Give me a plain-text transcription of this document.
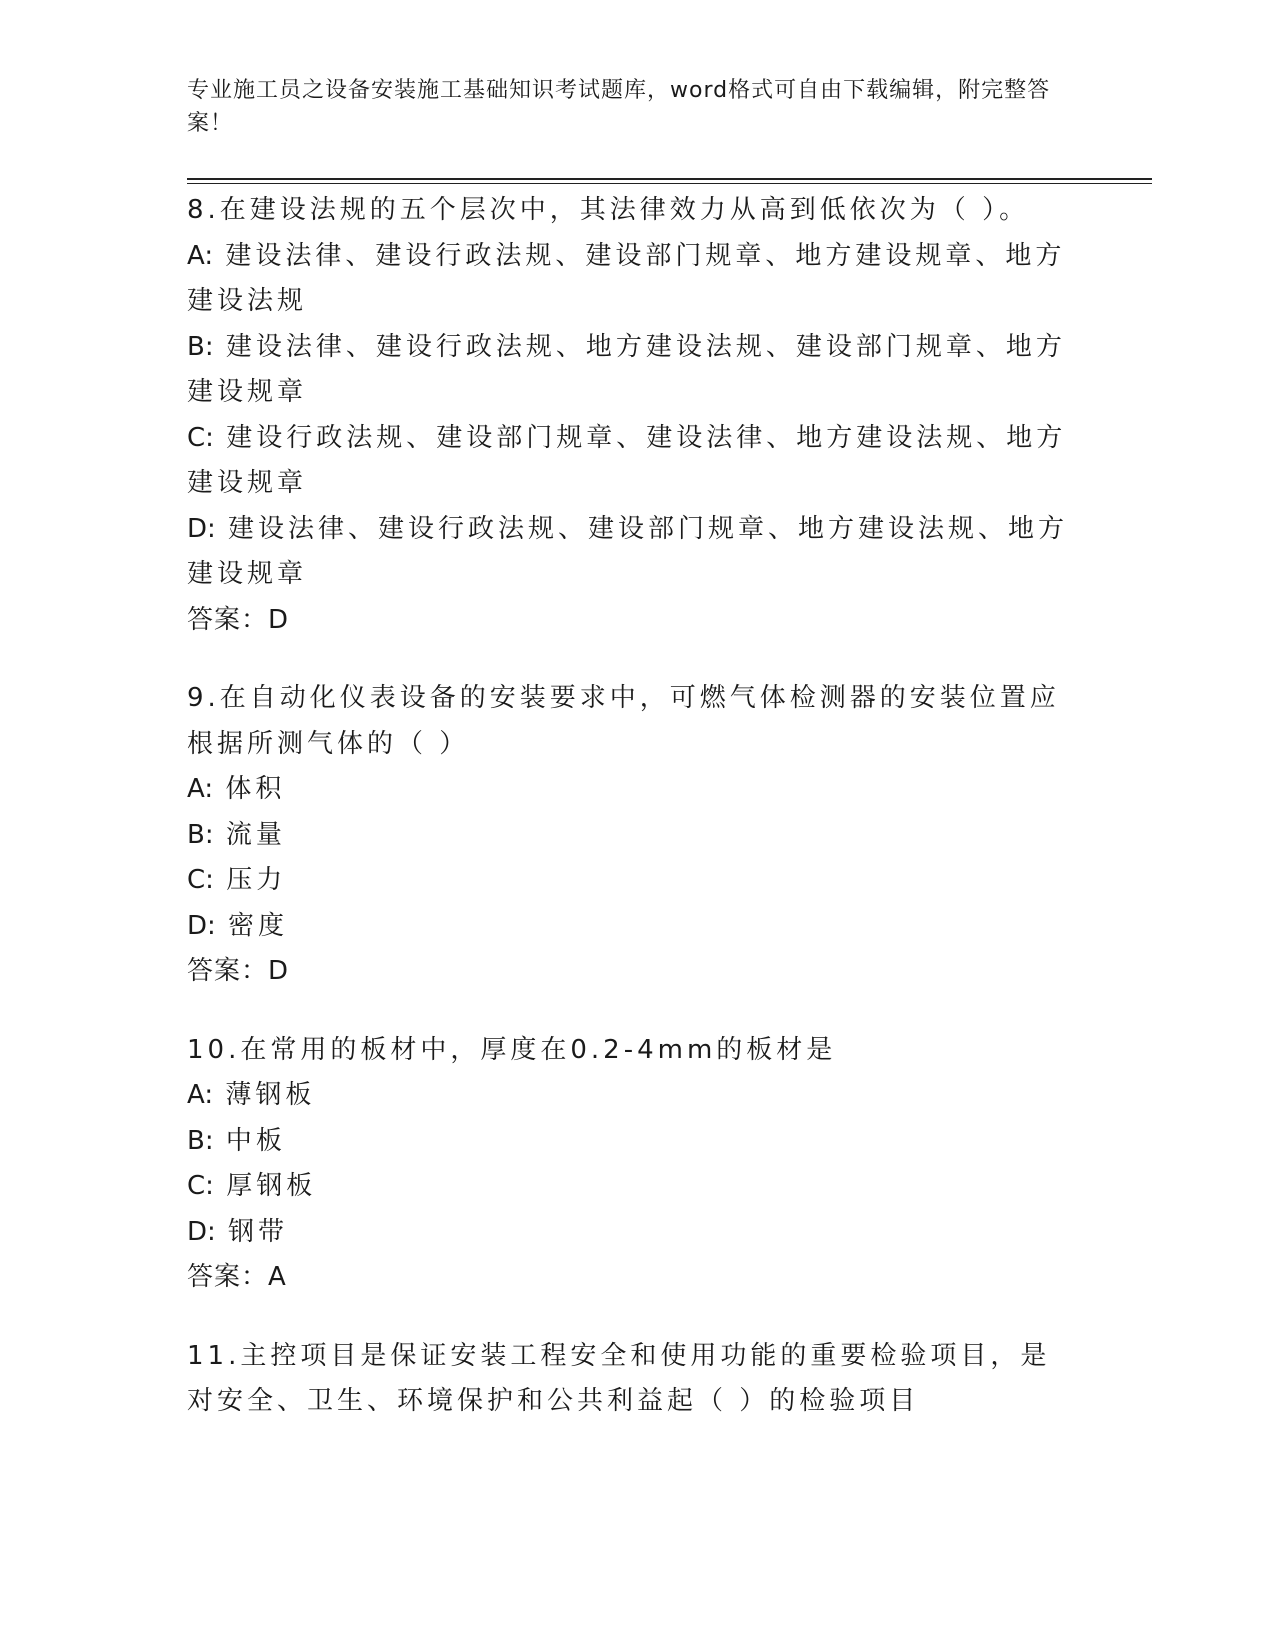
专业施工员之设备安装施工基础知识考试题库，word格式可自由下载编辑，附完整答案！
8.在建设法规的五个层次中，其法律效力从高到低依次为（ ）。
A: 建设法律、建设行政法规、建设部门规章、地方建设规章、地方建设法规
B: 建设法律、建设行政法规、地方建设法规、建设部门规章、地方建设规章
C: 建设行政法规、建设部门规章、建设法律、地方建设法规、地方建设规章
D: 建设法律、建设行政法规、建设部门规章、地方建设法规、地方建设规章
答案：D
9.在自动化仪表设备的安装要求中，可燃气体检测器的安装位置应根据所测气体的（ ）
A: 体积
B: 流量
C: 压力
D: 密度
答案：D
10.在常用的板材中，厚度在0.2-4mm的板材是
A: 薄钢板
B: 中板
C: 厚钢板
D: 钢带
答案：A
11.主控项目是保证安装工程安全和使用功能的重要检验项目，是对安全、卫生、环境保护和公共利益起（ ）的检验项目
